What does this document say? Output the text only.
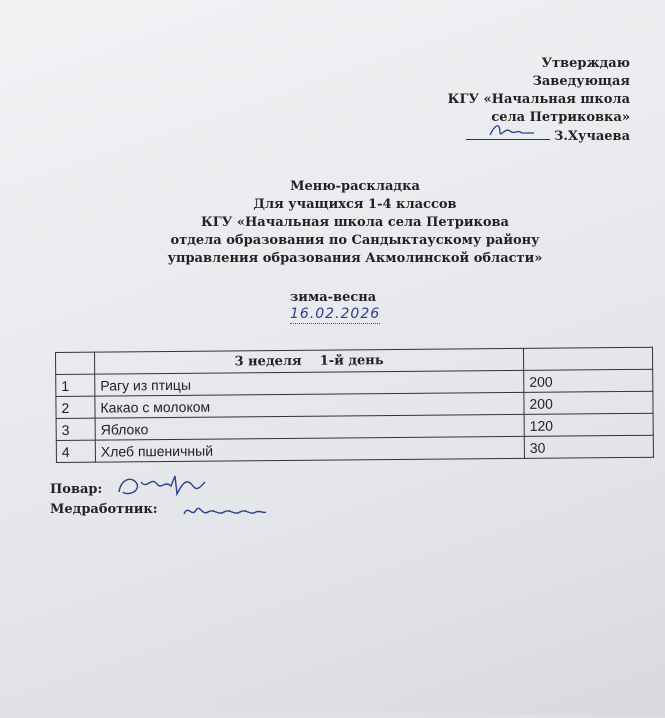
Утверждаю
Заведующая
КГУ «Начальная школа
села Петриковка»
З.Хучаева
Меню-раскладка
Для учащихся 1-4 классов
КГУ «Начальная школа села Петрикова
отдела образования по Сандыктаускому району
управления образования Акмолинской области»
зима-весна
16.02.2026
	3 неделя    1-й день	
1	Рагу из птицы	200
2	Какао с молоком	200
3	Яблоко	120
4	Хлеб пшеничный	30
Повар:
Медработник:
